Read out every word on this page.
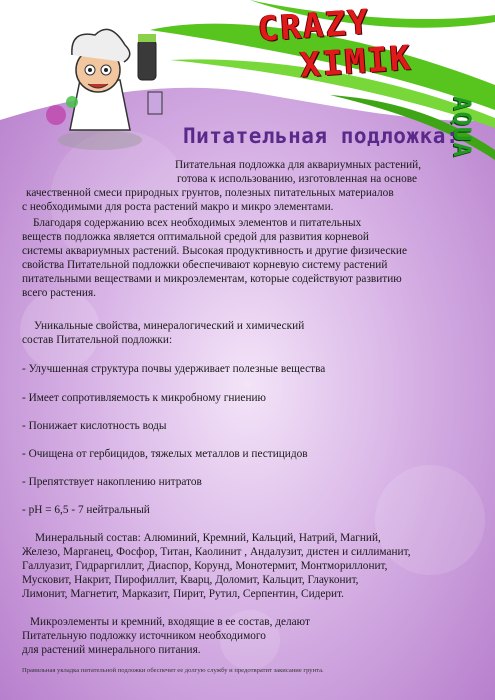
CRAZY
XIMIK
AQUA
Питательная подложка:
Питательная подложка для аквариумных растений,
готова к использованию, изготовленная на основе
качественной смеси природных грунтов, полезных питательных материалов
с необходимыми для роста растений макро и микро элементами.
Благодаря содержанию всех необходимых элементов и питательных
веществ подложка является оптимальной средой для развития корневой
системы аквариумных растений. Высокая продуктивность и другие физические
свойства Питательной подложки обеспечивают корневую систему растений
питательными веществами и микроэлементам, которые содействуют развитию
всего растения.
Уникальные свойства, минералогический и химический
состав Питательной подложки:
- Улучшенная структура почвы удерживает полезные вещества
- Имеет сопротивляемость к микробному гниению
- Понижает кислотность воды
- Очищена от гербицидов, тяжелых металлов и пестицидов
- Препятствует накоплению нитратов
- pH = 6,5 - 7 нейтральный
Минеральный состав: Алюминий, Кремний, Кальций, Натрий, Магний,
Железо, Марганец, Фосфор, Титан, Каолинит , Андалузит, дистен и силлиманит,
Галлуазит, Гидраргиллит, Диаспор, Корунд, Монотермит, Монтмориллонит,
Мусковит, Накрит, Пирофиллит, Кварц, Доломит, Кальцит, Глауконит,
Лимонит, Магнетит, Марказит, Пирит, Рутил, Серпентин, Сидерит.
Микроэлементы и кремний, входящие в ее состав, делают
Питательную подложку источником необходимого
для растений минерального питания.
Правильная укладка питательной подложки обеспечит ее долгую службу и предотвратит закисание грунта.
